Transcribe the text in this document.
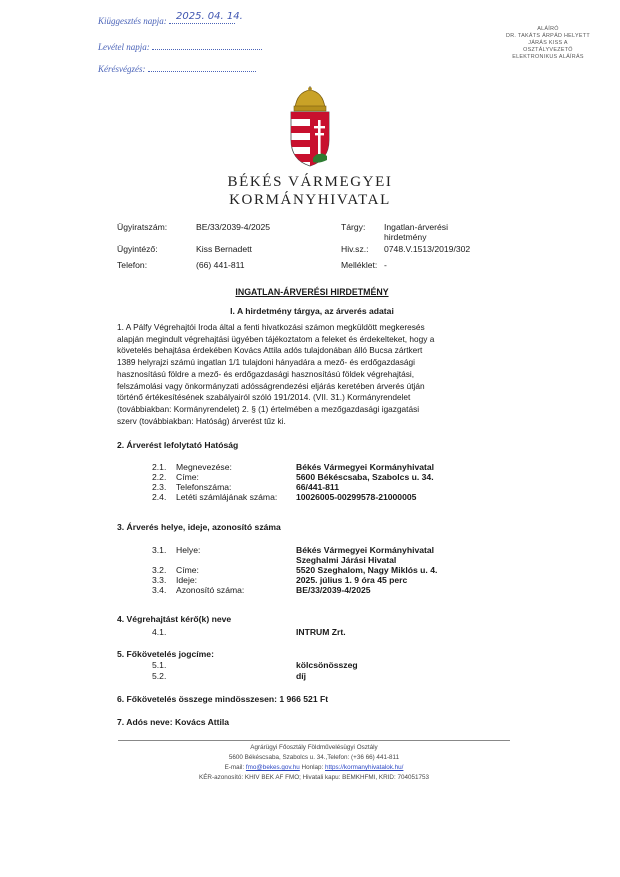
Kiüggesztés napja: 2025. 04. 14.
Levétel napja:
Kérésvégzés:
ALÁÍRÓ
DR. TAKÁTS ÁRPÁD HELYETT
JÁRÁS KISS A
OSZTÁLYVEZETŐ
ELEKTRONIKUS ALÁÍRÁS
BÉKÉS VÁRMEGYEI
KORMÁNYHIVATAL
Ügyiratszám:	BE/33/2039-4/2025
Ügyintéző:	Kiss Bernadett
Telefon:	(66) 441-811
Tárgy: Ingatlan-árverési
hirdetmény
Hiv.sz.: 0748.V.1513/2019/302
Melléklet: -
INGATLAN-ÁRVERÉSI HIRDETMÉNY
I. A hirdetmény tárgya, az árverés adatai
1. A Pálfy Végrehajtói Iroda által a fenti hivatkozási számon megküldött megkeresés
alapján megindult végrehajtási ügyében tájékoztatom a feleket és érdekelteket, hogy a
követelés behajtása érdekében Kovács Attila adós tulajdonában álló Bucsa zártkert
1389 helyrajzi számú ingatlan 1/1 tulajdoni hányadára a mező- és erdőgazdasági
hasznosítású földre a mező- és erdőgazdasági hasznosítású földek végrehajtási,
felszámolási vagy önkormányzati adósságrendezési eljárás keretében árverés útján
történő értékesítésének szabályairól szóló 191/2014. (VII. 31.) Kormányrendelet
(továbbiakban: Kormányrendelet) 2. § (1) értelmében a mezőgazdasági igazgatási
szerv (továbbiakban: Hatóság) árverést tűz ki.
2. Árverést lefolytató Hatóság
2.1. Megnevezése:	Békés Vármegyei Kormányhivatal
2.2. Címe:	5600 Békéscsaba, Szabolcs u. 34.
2.3. Telefonszáma:	66/441-811
2.4. Letéti számlájának száma: 10026005-00299578-21000005
3. Árverés helye, ideje, azonosító száma
3.1. Helye:	Békés Vármegyei Kormányhivatal
Szeghalmi Járási Hivatal
3.2. Címe:	5520 Szeghalom, Nagy Miklós u. 4.
3.3. Ideje:	2025. július 1. 9 óra 45 perc
3.4. Azonosító száma:	BE/33/2039-4/2025
4. Végrehajtást kérő(k) neve
4.1.	INTRUM Zrt.
5. Főkövetelés jogcíme:
5.1.	kölcsönösszeg
5.2.	díj
6. Főkövetelés összege mindösszesen: 1 966 521 Ft
7. Adós neve: Kovács Attila
Agrárügyi Főosztály Földművelésügyi Osztály
5600 Békéscsaba, Szabolcs u. 34.,Telefon: (+36 66) 441-811
E-mail: fmo@bekes.gov.hu Honlap: https://kormanyhivatalok.hu/
KÉR-azonosító: KHIV BEK AF FMO; Hivatali kapu: BEMKHFMI, KRID: 704051753
